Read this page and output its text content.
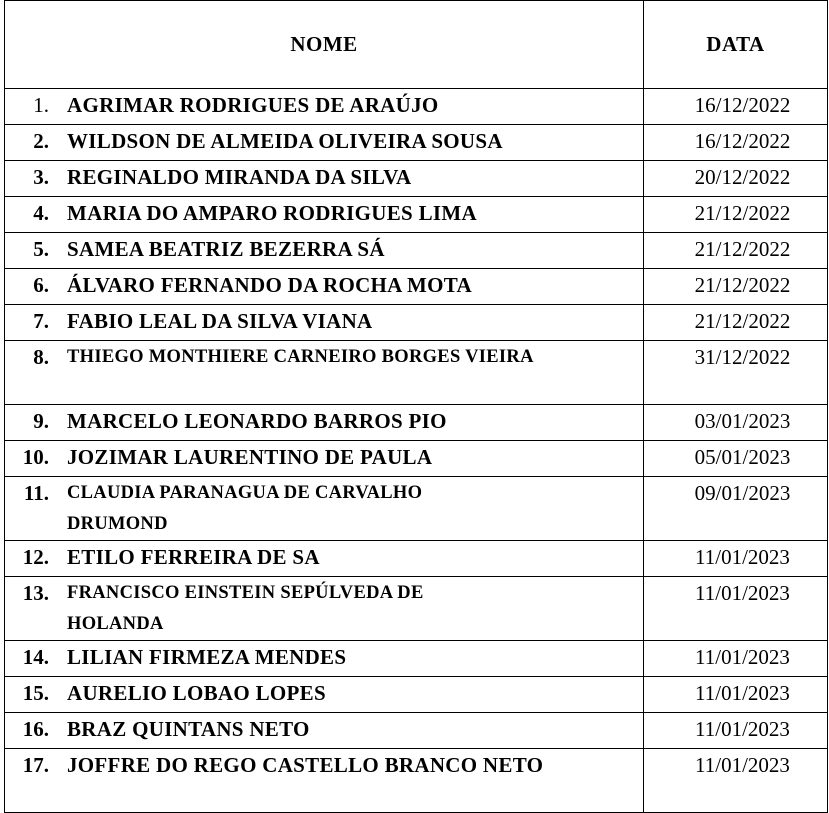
NOME	DATA

1. AGRIMAR RODRIGUES DE ARAÚJO	16/12/2022

2. WILDSON DE ALMEIDA OLIVEIRA SOUSA	16/12/2022

3. REGINALDO MIRANDA DA SILVA	20/12/2022

4. MARIA DO AMPARO RODRIGUES LIMA	21/12/2022

5. SAMEA BEATRIZ BEZERRA SÁ	21/12/2022

6. ÁLVARO FERNANDO DA ROCHA MOTA	21/12/2022

7. FABIO LEAL DA SILVA VIANA	21/12/2022

8. THIEGO MONTHIERE CARNEIRO BORGES VIEIRA	31/12/2022

9. MARCELO LEONARDO BARROS PIO	03/01/2023

10. JOZIMAR LAURENTINO DE PAULA	05/01/2023

11. CLAUDIA PARANAGUA DE CARVALHO DRUMOND	09/01/2023

12. ETILO FERREIRA DE SA	11/01/2023

13. FRANCISCO EINSTEIN SEPÚLVEDA DE HOLANDA	11/01/2023

14. LILIAN FIRMEZA MENDES	11/01/2023

15. AURELIO LOBAO LOPES	11/01/2023

16. BRAZ QUINTANS NETO	11/01/2023

17. JOFFRE DO REGO CASTELLO BRANCO NETO	11/01/2023
